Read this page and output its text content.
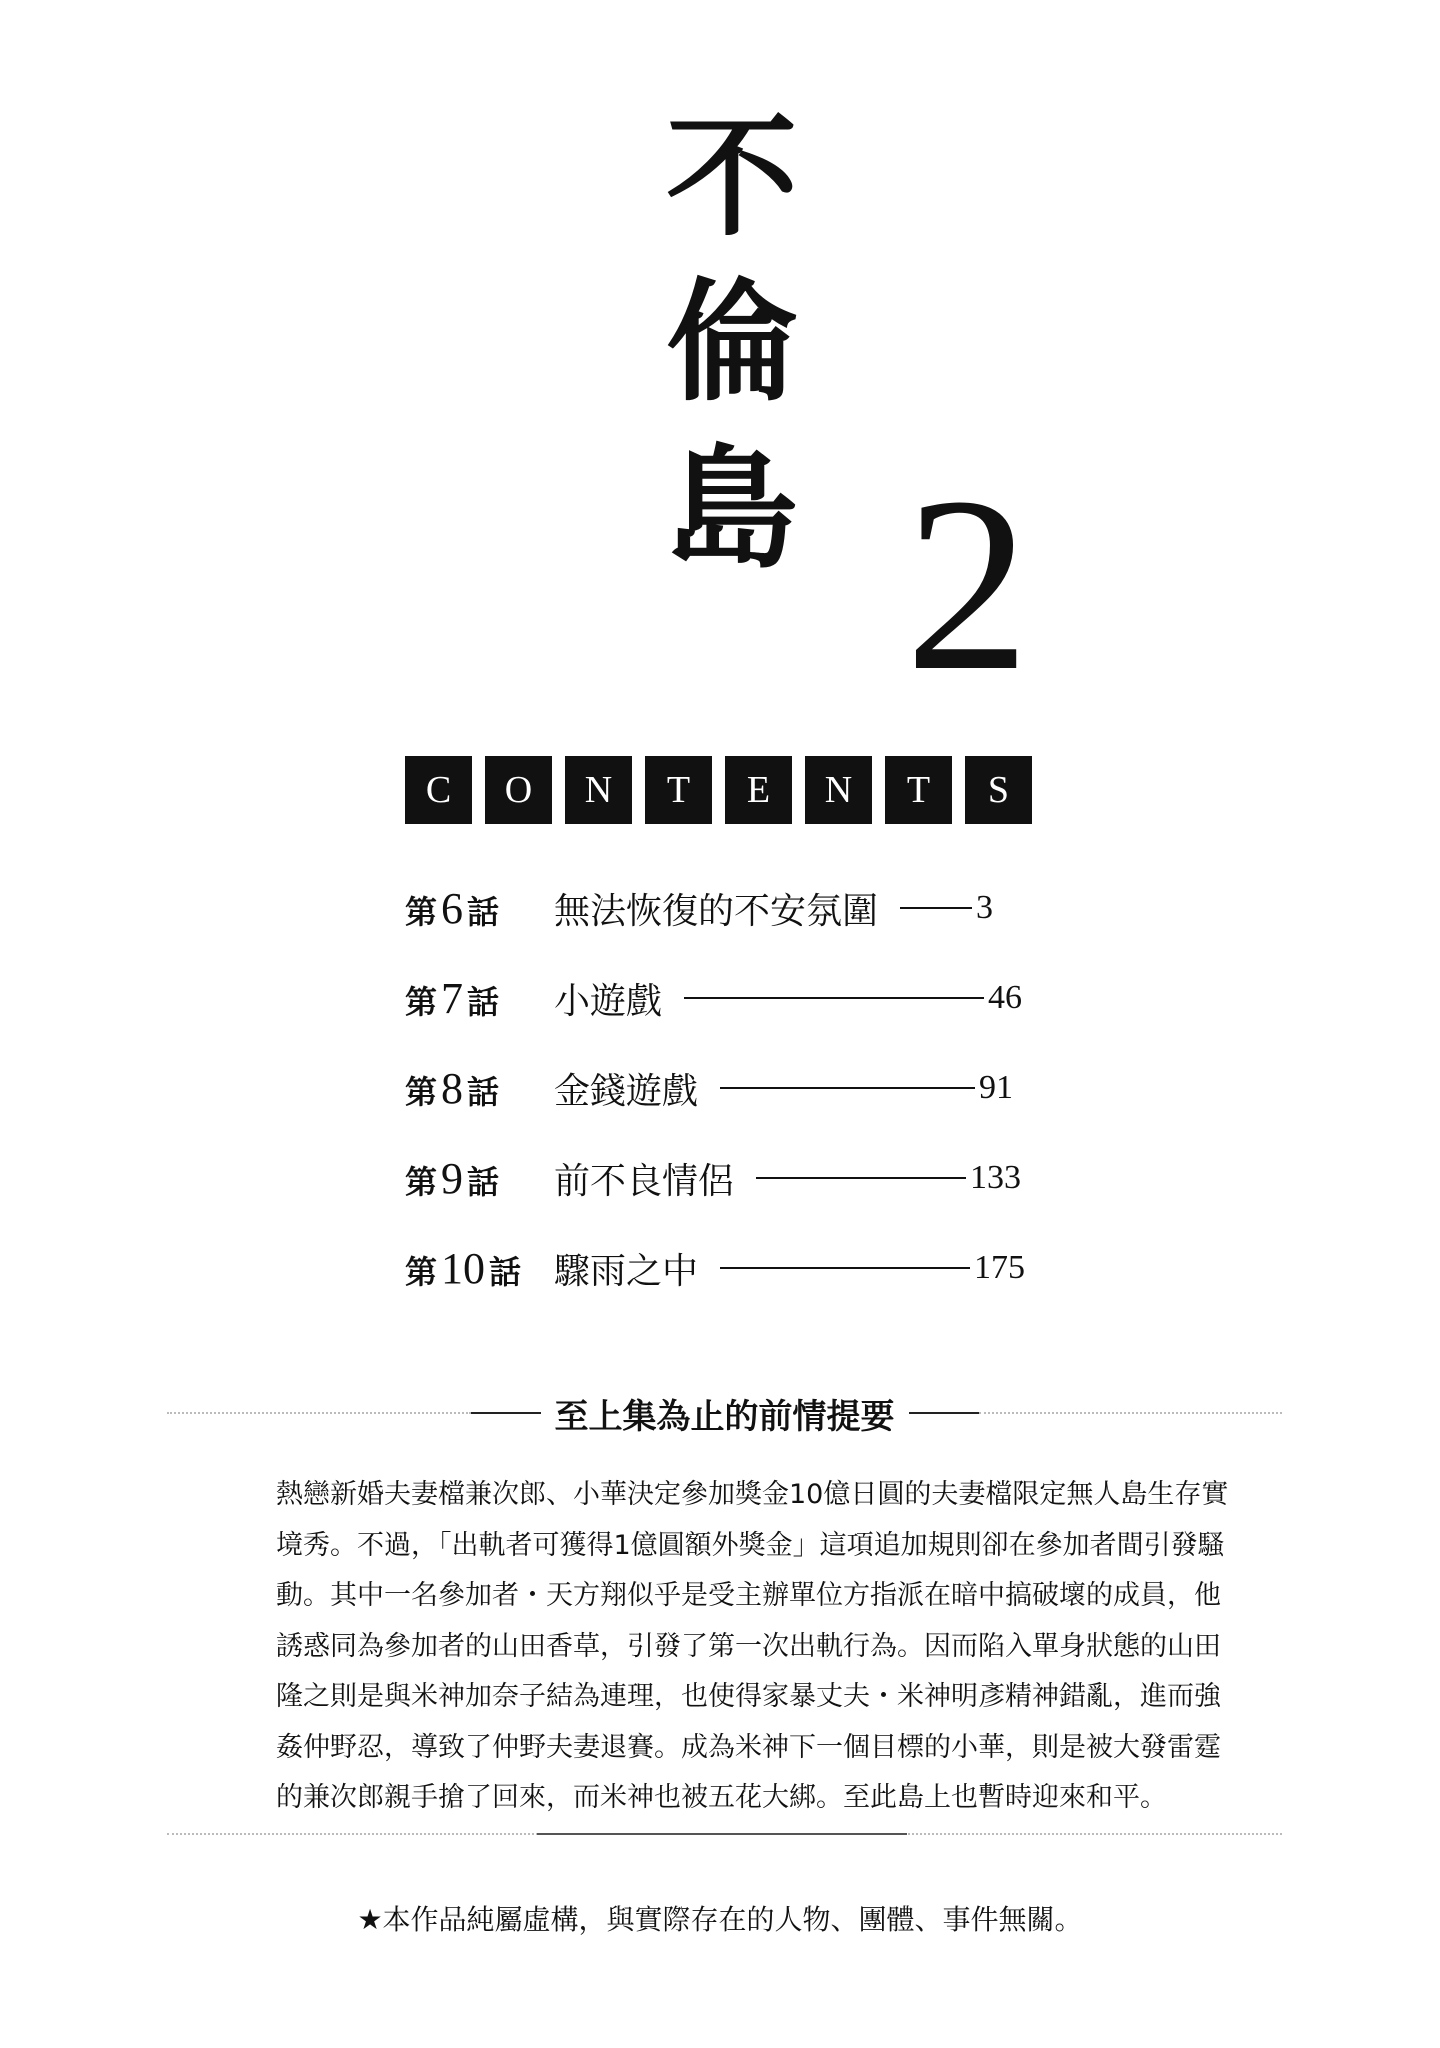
不
倫
島 2
C	O	N	T	E	N	T	S
第6 話	無法恢復的不安氛圍	3
第7 話	小遊戲	46
第8 話	金錢遊戲	91
第9 話	前不良情侶	133
第10 話 驟雨之中	175
至上集為止的前情提要
熱戀新婚夫妻檔兼次郎、小華決定參加獎金10億日圓的夫妻檔限定無人島生存實
境秀。不過，「出軌者可獲得1億圓額外獎金」這項追加規則卻在參加者間引發騷
動。其中一名參加者・天方翔似乎是受主辦單位方指派在暗中搞破壞的成員，他
誘惑同為參加者的山田香草，引發了第一次出軌行為。因而陷入單身狀態的山田
隆之則是與米神加奈子結為連理，也使得家暴丈夫・米神明彥精神錯亂，進而強
姦仲野忍，導致了仲野夫妻退賽。成為米神下一個目標的小華，則是被大發雷霆
的兼次郎親手搶了回來，而米神也被五花大綁。至此島上也暫時迎來和平。
★本作品純屬虛構，與實際存在的人物、團體、事件無關。
